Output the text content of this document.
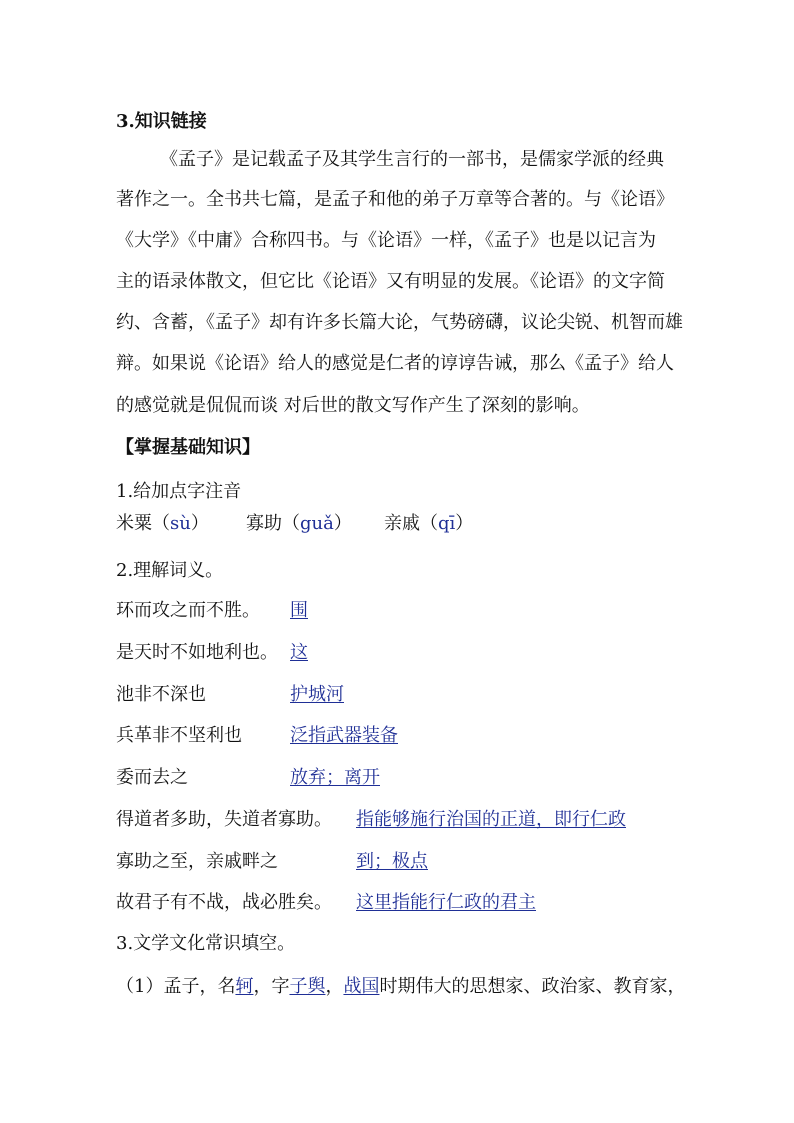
3.知识链接
《孟子》是记载孟子及其学生言行的一部书，是儒家学派的经典
著作之一。全书共七篇，是孟子和他的弟子万章等合著的。与《论语》
《大学》《中庸》合称四书。与《论语》一样，《孟子》也是以记言为
主的语录体散文，但它比《论语》又有明显的发展。《论语》的文字简
约、含蓄，《孟子》却有许多长篇大论，气势磅礴，议论尖锐、机智而雄
辩。如果说《论语》给人的感觉是仁者的谆谆告诫，那么《孟子》给人
的感觉就是侃侃而谈 对后世的散文写作产生了深刻的影响。
【掌握基础知识】
1.给加点字注音
米粟（sù） 寡助（guǎ） 亲戚（qī）
2.理解词义。
环而攻之而不胜。 围
是天时不如地利也。 这
池非不深也	护城河
兵革非不坚利也	泛指武器装备
委而去之	放弃；离开
得道者多助，失道者寡助。 指能够施行治国的正道，即行仁政
寡助之至，亲戚畔之	到；极点
故君子有不战，战必胜矣。 这里指能行仁政的君主
3.文学文化常识填空。
（1）孟子，名轲，字子舆，战国时期伟大的思想家、政治家、教育家，
